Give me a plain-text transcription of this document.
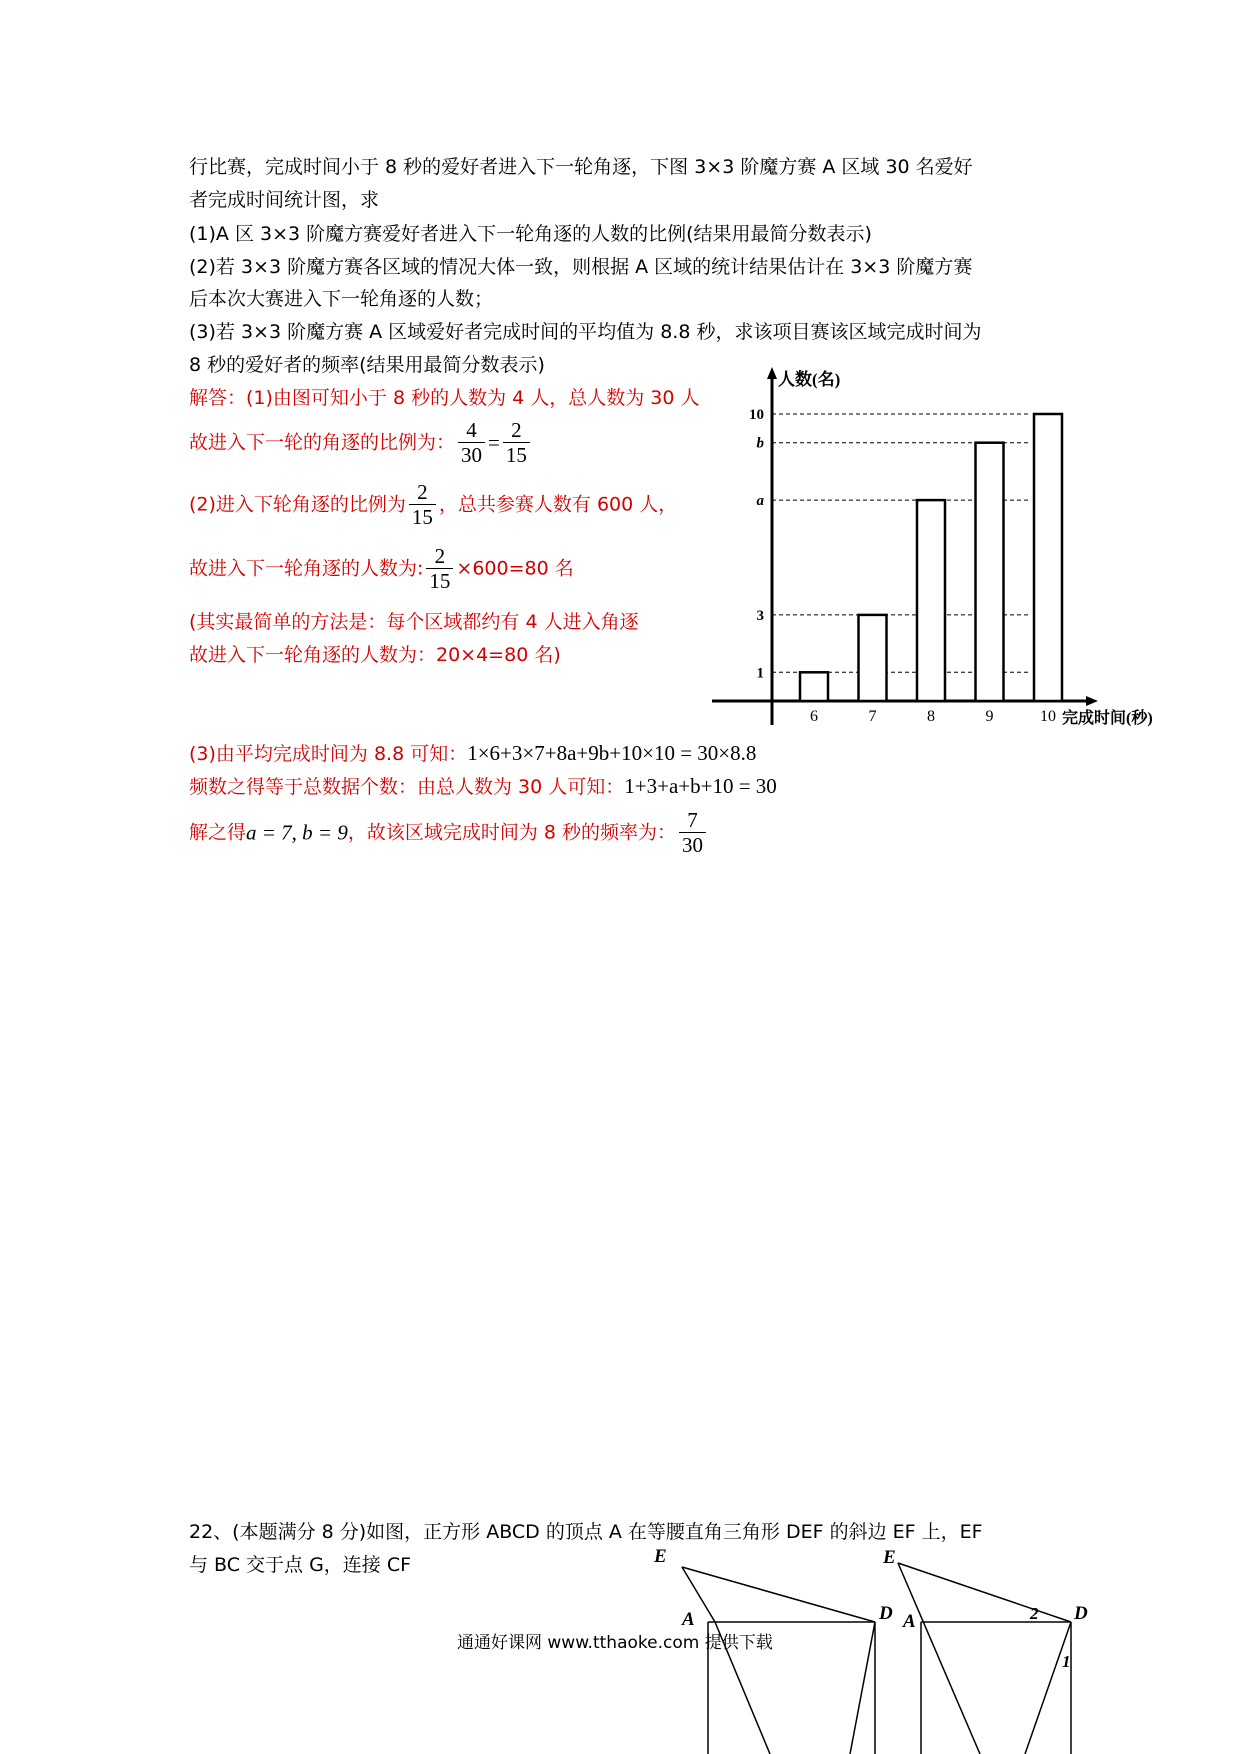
行比赛，完成时间小于 8 秒的爱好者进入下一轮角逐，下图 3×3 阶魔方赛 A 区域 30 名爱好
者完成时间统计图，求
(1)A 区 3×3 阶魔方赛爱好者进入下一轮角逐的人数的比例(结果用最简分数表示)
(2)若 3×3 阶魔方赛各区域的情况大体一致，则根据 A 区域的统计结果估计在 3×3 阶魔方赛
后本次大赛进入下一轮角逐的人数；
(3)若 3×3 阶魔方赛 A 区域爱好者完成时间的平均值为 8.8 秒，求该项目赛该区域完成时间为
8 秒的爱好者的频率(结果用最简分数表示)
解答：(1)由图可知小于 8 秒的人数为 4 人，总人数为 30 人
故进入下一轮的角逐的比例为： $\frac{4}{30} = \frac{2}{15}$
(2)进入下轮角逐的比例为 $\frac{2}{15}$ ，总共参赛人数有 600 人，
故进入下一轮角逐的人数为: $\frac{2}{15} \times 600=80$ 名
(其实最简单的方法是：每个区域都约有 4 人进入角逐
故进入下一轮角逐的人数为：20×4=80 名)
(3)由平均完成时间为 8.8 可知：1×6+3×7+8a+9b+10×10 = 30×8.8
频数之得等于总数据个数：由总人数为 30 人可知：1+3+a+b+10 = 30
解之得a = 7, b = 9，故该区域完成时间为 8 秒的频率为： $\frac{7}{30}$
人数(名)
完成时间(秒)
1
3
a
b
10
6	7	8	9	10
22、(本题满分 8 分)如图，正方形 ABCD 的顶点 A 在等腰直角三角形 DEF 的斜边 EF 上，EF
与 BC 交于点 G，连接 CF	E
A	D
E
D
A	2
1
通通好课网 www.tthaoke.com 提供下载
